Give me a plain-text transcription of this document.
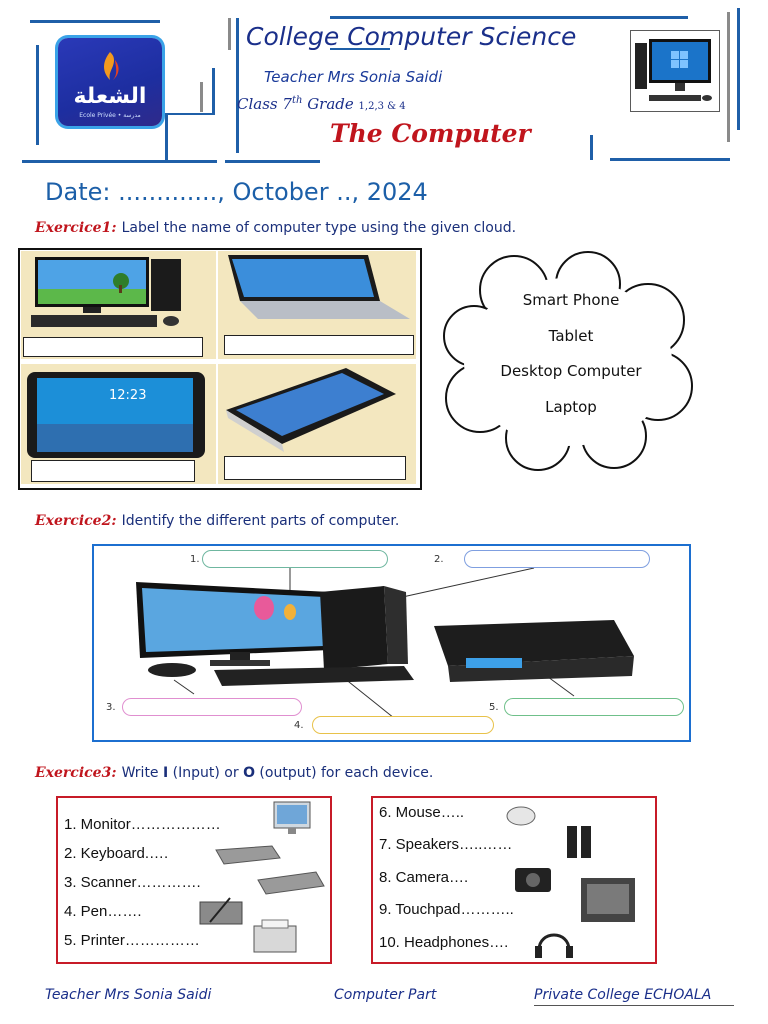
الشعلة
Ecole Privée • مدرسة
College Computer Science
Teacher Mrs Sonia Saidi
Class 7th Grade 1,2,3 & 4
The Computer
Date: ............., October .., 2024
Exercice1: Label the name of computer type using the given cloud.
12:23
Smart Phone
Tablet
Desktop Computer
Laptop
Exercice2: Identify the different parts of computer.
1.	2.
3.
4.
5.
Exercice3: Write I (Input) or O (output) for each device.
1. Monitor………………
2. Keyboard.….
3. Scanner………….
4. Pen…….
5. Printer……………
6. Mouse…..
7. Speakers…..……
8. Camera….
9. Touchpad………..
10. Headphones….
Teacher Mrs Sonia Saidi	Computer Part	Private College ECHOALA
